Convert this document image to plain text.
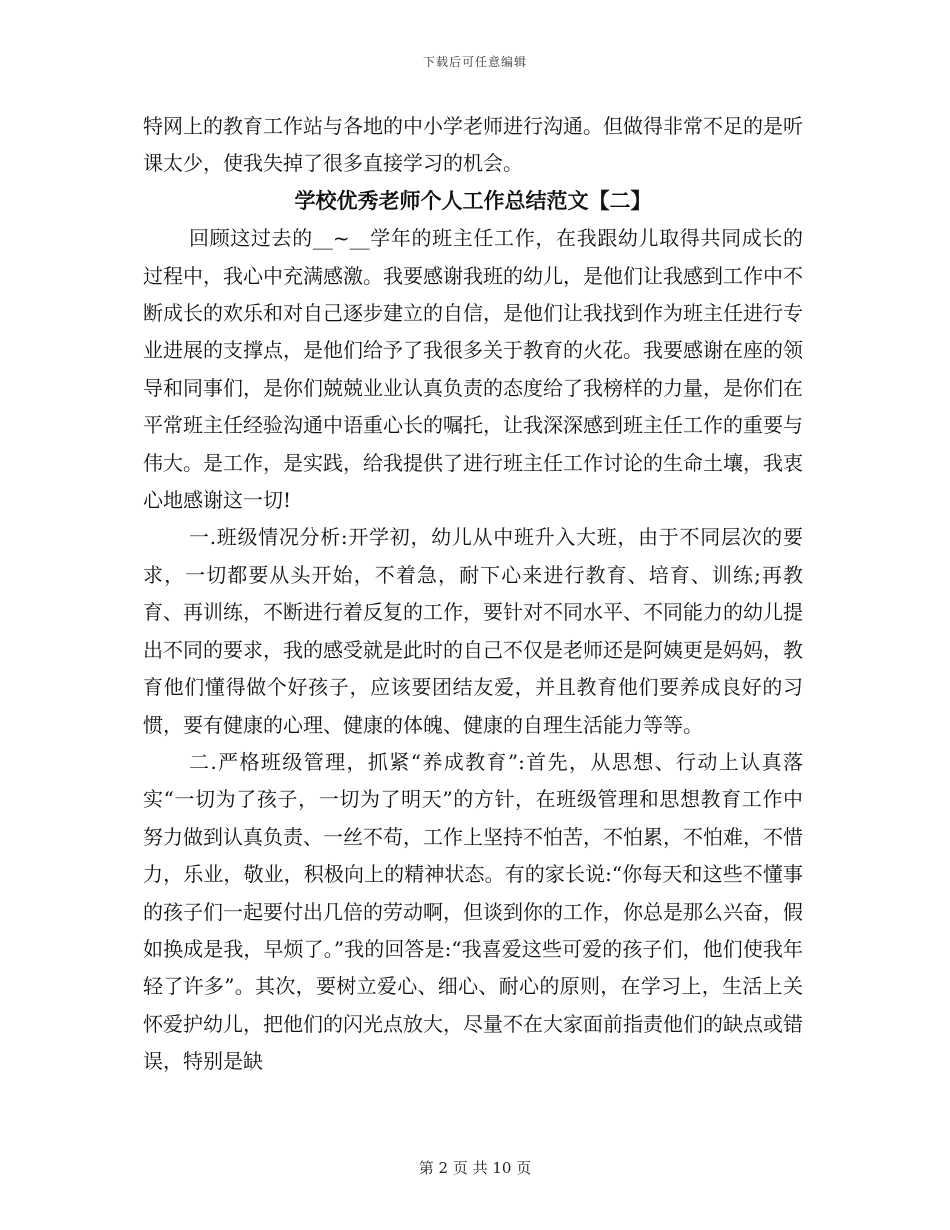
下载后可任意编辑

特网上的教育工作站与各地的中小学老师进行沟通。但做得非常不足的是听课太少，使我失掉了很多直接学习的机会。

学校优秀老师个人工作总结范文【二】

回顾这过去的__~__学年的班主任工作，在我跟幼儿取得共同成长的过程中，我心中充满感激。我要感谢我班的幼儿，是他们让我感到工作中不断成长的欢乐和对自己逐步建立的自信，是他们让我找到作为班主任进行专业进展的支撑点，是他们给予了我很多关于教育的火花。我要感谢在座的领导和同事们，是你们兢兢业业认真负责的态度给了我榜样的力量，是你们在平常班主任经验沟通中语重心长的嘱托，让我深深感到班主任工作的重要与伟大。是工作，是实践，给我提供了进行班主任工作讨论的生命土壤，我衷心地感谢这一切!

一.班级情况分析:开学初，幼儿从中班升入大班，由于不同层次的要求，一切都要从头开始，不着急，耐下心来进行教育、培育、训练;再教育、再训练，不断进行着反复的工作，要针对不同水平、不同能力的幼儿提出不同的要求，我的感受就是此时的自己不仅是老师还是阿姨更是妈妈，教育他们懂得做个好孩子，应该要团结友爱，并且教育他们要养成良好的习惯，要有健康的心理、健康的体魄、健康的自理生活能力等等。

二.严格班级管理，抓紧“养成教育”:首先，从思想、行动上认真落实“一切为了孩子，一切为了明天”的方针，在班级管理和思想教育工作中努力做到认真负责、一丝不苟，工作上坚持不怕苦，不怕累，不怕难，不惜力，乐业，敬业，积极向上的精神状态。有的家长说:“你每天和这些不懂事的孩子们一起要付出几倍的劳动啊，但谈到你的工作，你总是那么兴奋，假如换成是我，早烦了。”我的回答是:“我喜爱这些可爱的孩子们，他们使我年轻了许多”。其次，要树立爱心、细心、耐心的原则，在学习上，生活上关怀爱护幼儿，把他们的闪光点放大，尽量不在大家面前指责他们的缺点或错误，特别是缺

第 2 页 共 10 页
